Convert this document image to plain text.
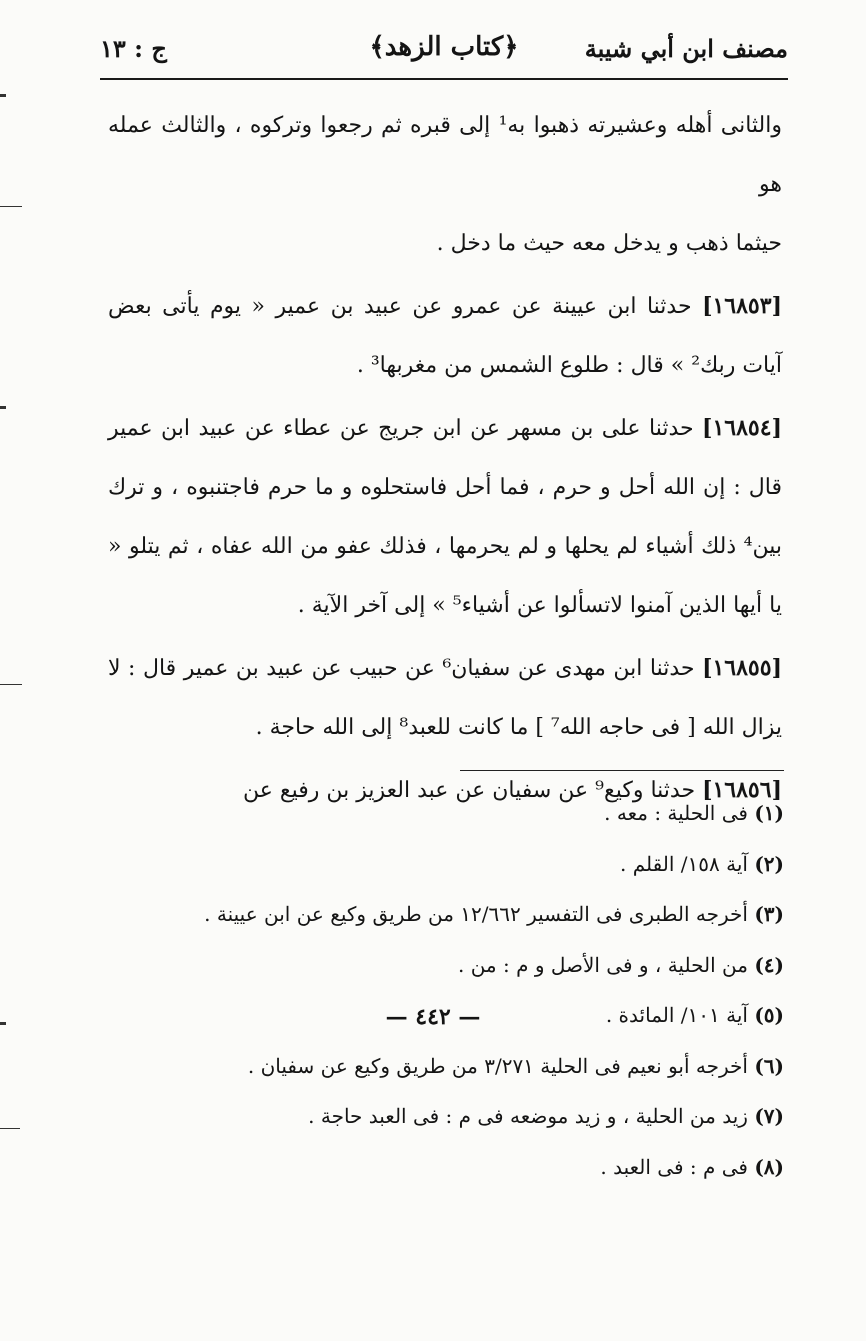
مصنف ابن أبي شيبة
﴿كتاب الزهد﴾
ج : ١٣

والثانى أهله وعشيرته ذهبوا به¹ إلى قبره ثم رجعوا وتركوه ، والثالث عمله هو

حيثما ذهب و يدخل معه حيث ما دخل .

[١٦٨٥٣] حدثنا ابن عيينة عن عمرو عن عبيد بن عمير « يوم يأتى بعض آيات ربك² » قال : طلوع الشمس من مغربها³ .

[١٦٨٥٤] حدثنا على بن مسهر عن ابن جريج عن عطاء عن عبيد ابن عمير قال : إن الله أحل و حرم ، فما أحل فاستحلوه و ما حرم فاجتنبوه ، و ترك بين⁴ ذلك أشياء لم يحلها و لم يحرمها ، فذلك عفو من الله عفاه ، ثم يتلو « يا أيها الذين آمنوا لاتسألوا عن أشياء⁵ » إلى آخر الآية .

[١٦٨٥٥] حدثنا ابن مهدى عن سفيان⁶ عن حبيب عن عبيد بن عمير قال : لا يزال الله [ فى حاجه الله⁷ ] ما كانت للعبد⁸ إلى الله حاجة .

[١٦٨٥٦] حدثنا وكيع⁹ عن سفيان عن عبد العزيز بن رفيع عن

(١) فى الحلية : معه .
(٢) آية ١٥٨/ القلم .
(٣) أخرجه الطبرى فى التفسير ١٢/٦٦٢ من طريق وكيع عن ابن عيينة .
(٤) من الحلية ، و فى الأصل و م : من .
(٥) آية ١٠١/ المائدة .
(٦) أخرجه أبو نعيم فى الحلية ٣/٢٧١ من طريق وكيع عن سفيان .
(٧) زيد من الحلية ، و زيد موضعه فى م : فى العبد حاجة .
(٨) فى م : فى العبد .
— ٤٤٢ —
